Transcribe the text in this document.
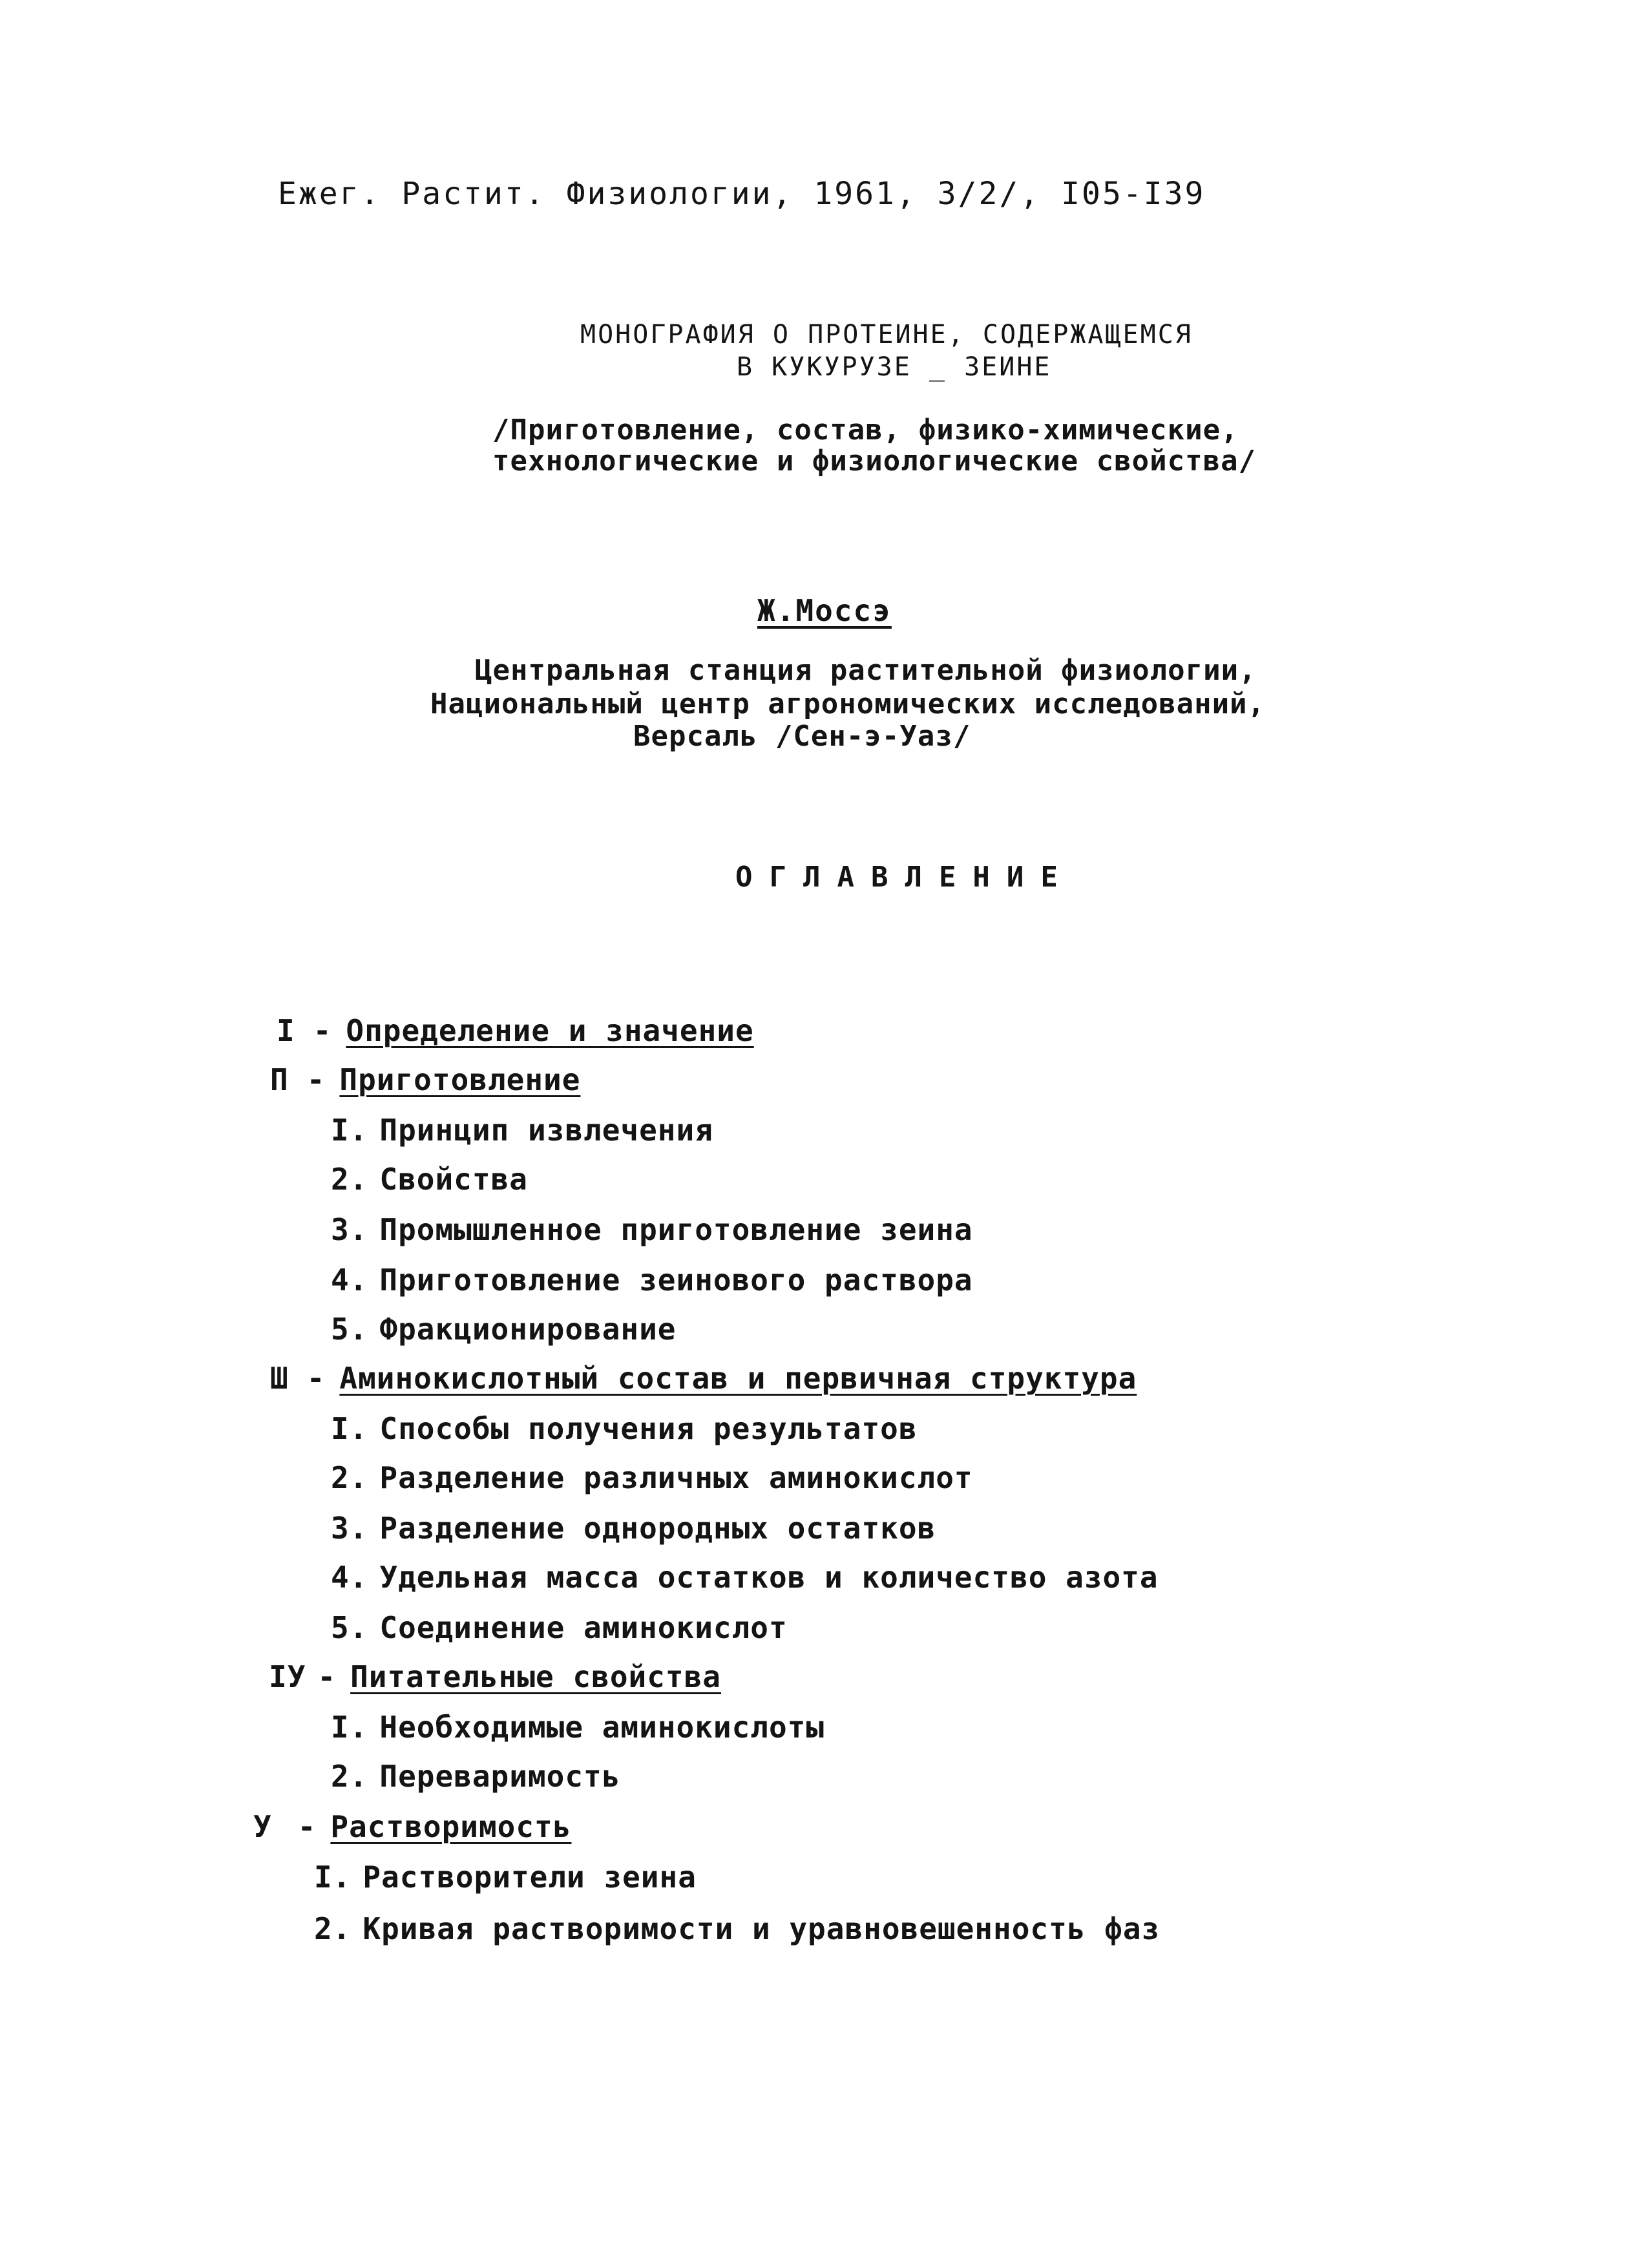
Ежег. Растит. Физиологии, 1961, 3/2/, I05-I39
МОНОГРАФИЯ О ПРОТЕИНЕ, СОДЕРЖАЩЕМСЯ
В КУКУРУЗЕ _ ЗЕИНЕ
/Приготовление, состав, физико-химические,
технологические и физиологические свойства/
Ж.Моссэ
Центральная станция растительной физиологии,
Национальный центр агрономических исследований,
Версаль /Сен-э-Уаз/
ОГЛАВЛЕНИЕ
I - Определение и значение
П - Приготовление
I. Принцип извлечения
2. Свойства
3. Промышленное приготовление зеина
4. Приготовление зеинового раствора
5. Фракционирование
Ш - Аминокислотный состав и первичная структура
I. Способы получения результатов
2. Разделение различных аминокислот
3. Разделение однородных остатков
4. Удельная масса остатков и количество азота
5. Соединение аминокислот
IУ - Питательные свойства
I. Необходимые аминокислоты
2. Переваримость
У - Растворимость
I. Растворители зеина
2. Кривая растворимости и уравновешенность фаз
